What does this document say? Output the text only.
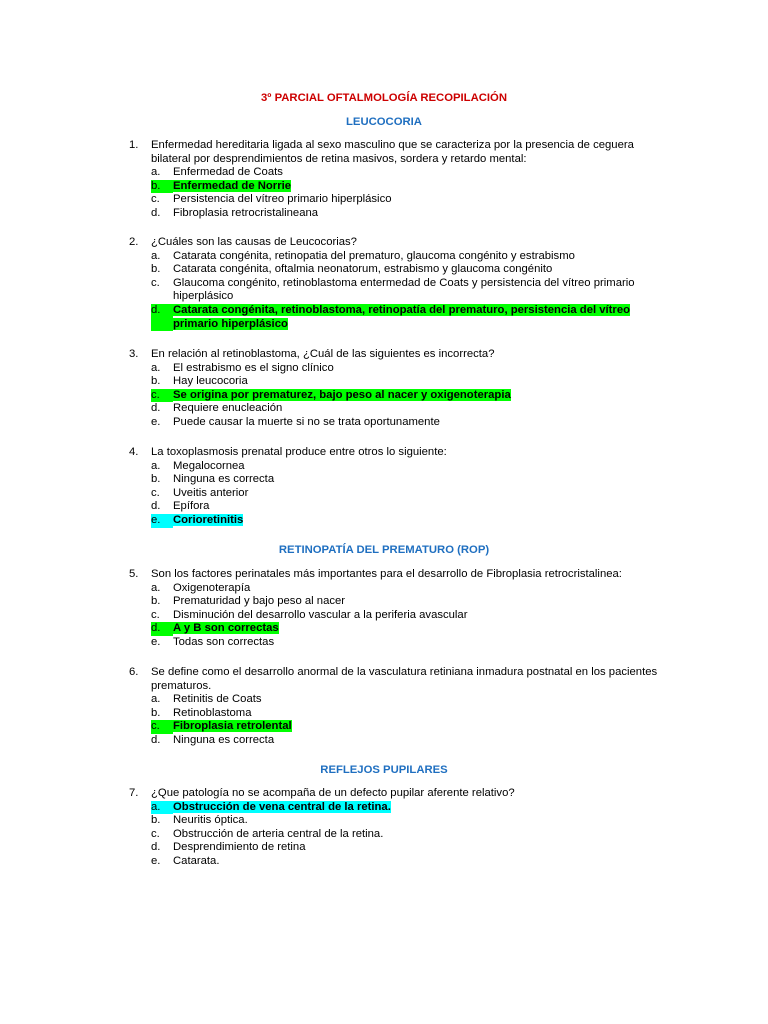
3º PARCIAL OFTALMOLOGÍA RECOPILACIÓN
LEUCOCORIA
1.	Enfermedad hereditaria ligada al sexo masculino que se caracteriza por la presencia de ceguera bilateral por desprendimientos de retina masivos, sordera y retardo mental:
a.	Enfermedad de Coats
b.	Enfermedad de Norrie
c.	Persistencia del vítreo primario hiperplásico
d.	Fibroplasia retrocristalineana
2.	¿Cuáles son las causas de Leucocorias?
a.	Catarata congénita, retinopatia del prematuro, glaucoma congénito y estrabismo
b.	Catarata congénita, oftalmia neonatorum, estrabismo y glaucoma congénito
c.	Glaucoma congénito, retinoblastoma entermedad de Coats y persistencia del vítreo primario hiperplásico
d.	Catarata congénita, retinoblastoma, retinopatía del prematuro, persistencia del vítreo primario hiperplásico
3.	En relación al retinoblastoma, ¿Cuál de las siguientes es incorrecta?
a.	El estrabismo es el signo clínico
b.	Hay leucocoria
c.	Se origina por prematurez, bajo peso al nacer y oxigenoterapia
d.	Requiere enucleación
e.	Puede causar la muerte si no se trata oportunamente
4.	La toxoplasmosis prenatal produce entre otros lo siguiente:
a.	Megalocornea
b.	Ninguna es correcta
c.	Uveitis anterior
d.	Epífora
e.	Corioretinitis
RETINOPATÍA DEL PREMATURO (ROP)
5.	Son los factores perinatales más importantes para el desarrollo de Fibroplasia retrocristalinea:
a.	Oxigenoterapía
b.	Prematuridad y bajo peso al nacer
c.	Disminución del desarrollo vascular a la periferia avascular
d.	A y B son correctas
e.	Todas son correctas
6.	Se define como el desarrollo anormal de la vasculatura retiniana inmadura postnatal en los pacientes prematuros.
a.	Retinitis de Coats
b.	Retinoblastoma
c.	Fibroplasia retrolental
d.	Ninguna es correcta
REFLEJOS PUPILARES
7.	¿Que patología no se acompaña de un defecto pupilar aferente relativo?
a.	Obstrucción de vena central de la retina.
b.	Neuritis óptica.
c.	Obstrucción de arteria central de la retina.
d.	Desprendimiento de retina
e.	Catarata.
